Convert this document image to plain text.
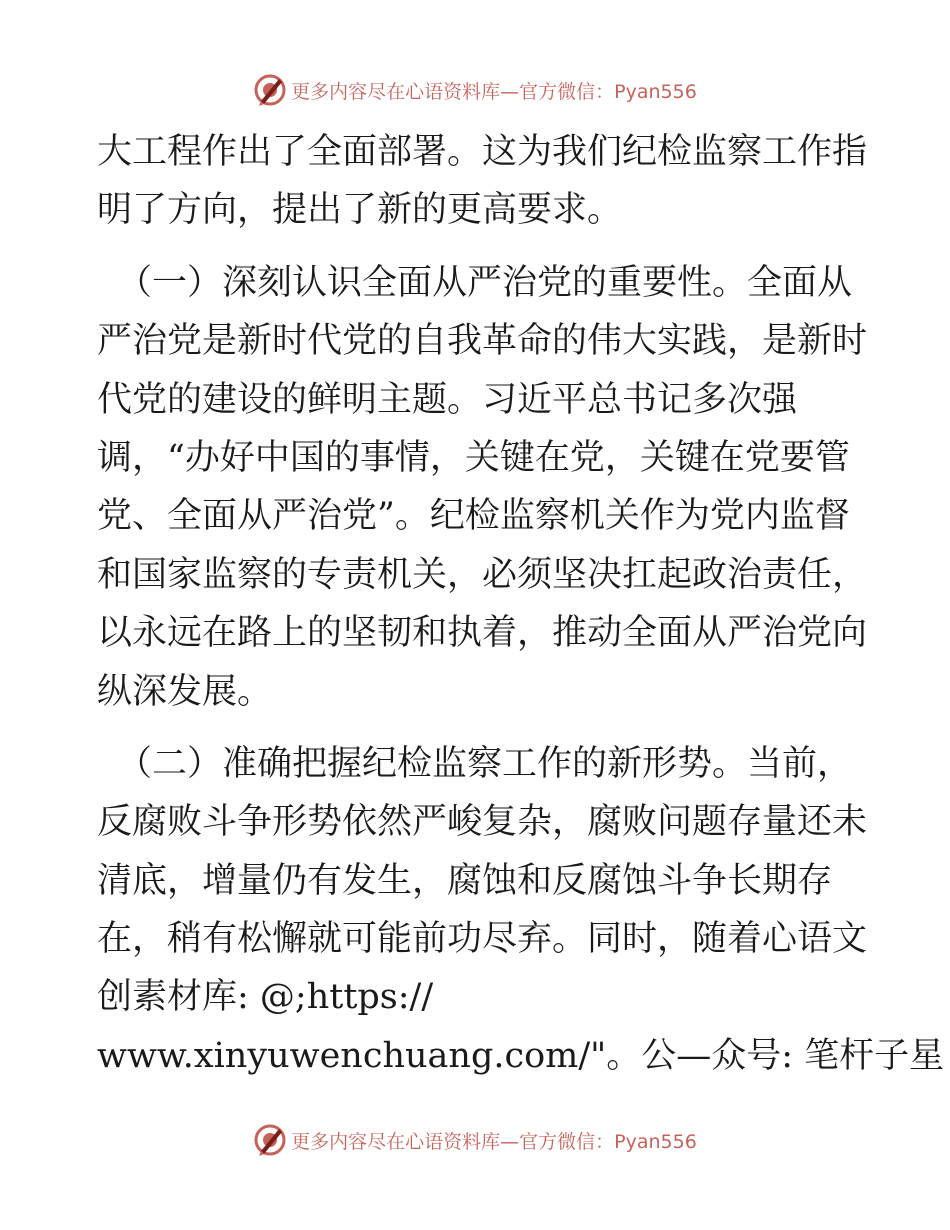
更多内容尽在心语资料库—官方微信：Pyan556
大工程作出了全面部署。这为我们纪检监察工作指
明了方向，提出了新的更高要求。
（一）深刻认识全面从严治党的重要性。全面从
严治党是新时代党的自我革命的伟大实践，是新时
代党的建设的鲜明主题。习近平总书记多次强
调，“办好中国的事情，关键在党，关键在党要管
党、全面从严治党”。纪检监察机关作为党内监督
和国家监察的专责机关，必须坚决扛起政治责任，
以永远在路上的坚韧和执着，推动全面从严治党向
纵深发展。
（二）准确把握纪检监察工作的新形势。当前，
反腐败斗争形势依然严峻复杂，腐败问题存量还未
清底，增量仍有发生，腐蚀和反腐蚀斗争长期存
在，稍有松懈就可能前功尽弃。同时，随着心语文
创素材库: @;https://
www.xinyuwenchuang.com/"。公—众号: 笔杆子星
更多内容尽在心语资料库—官方微信：Pyan556
